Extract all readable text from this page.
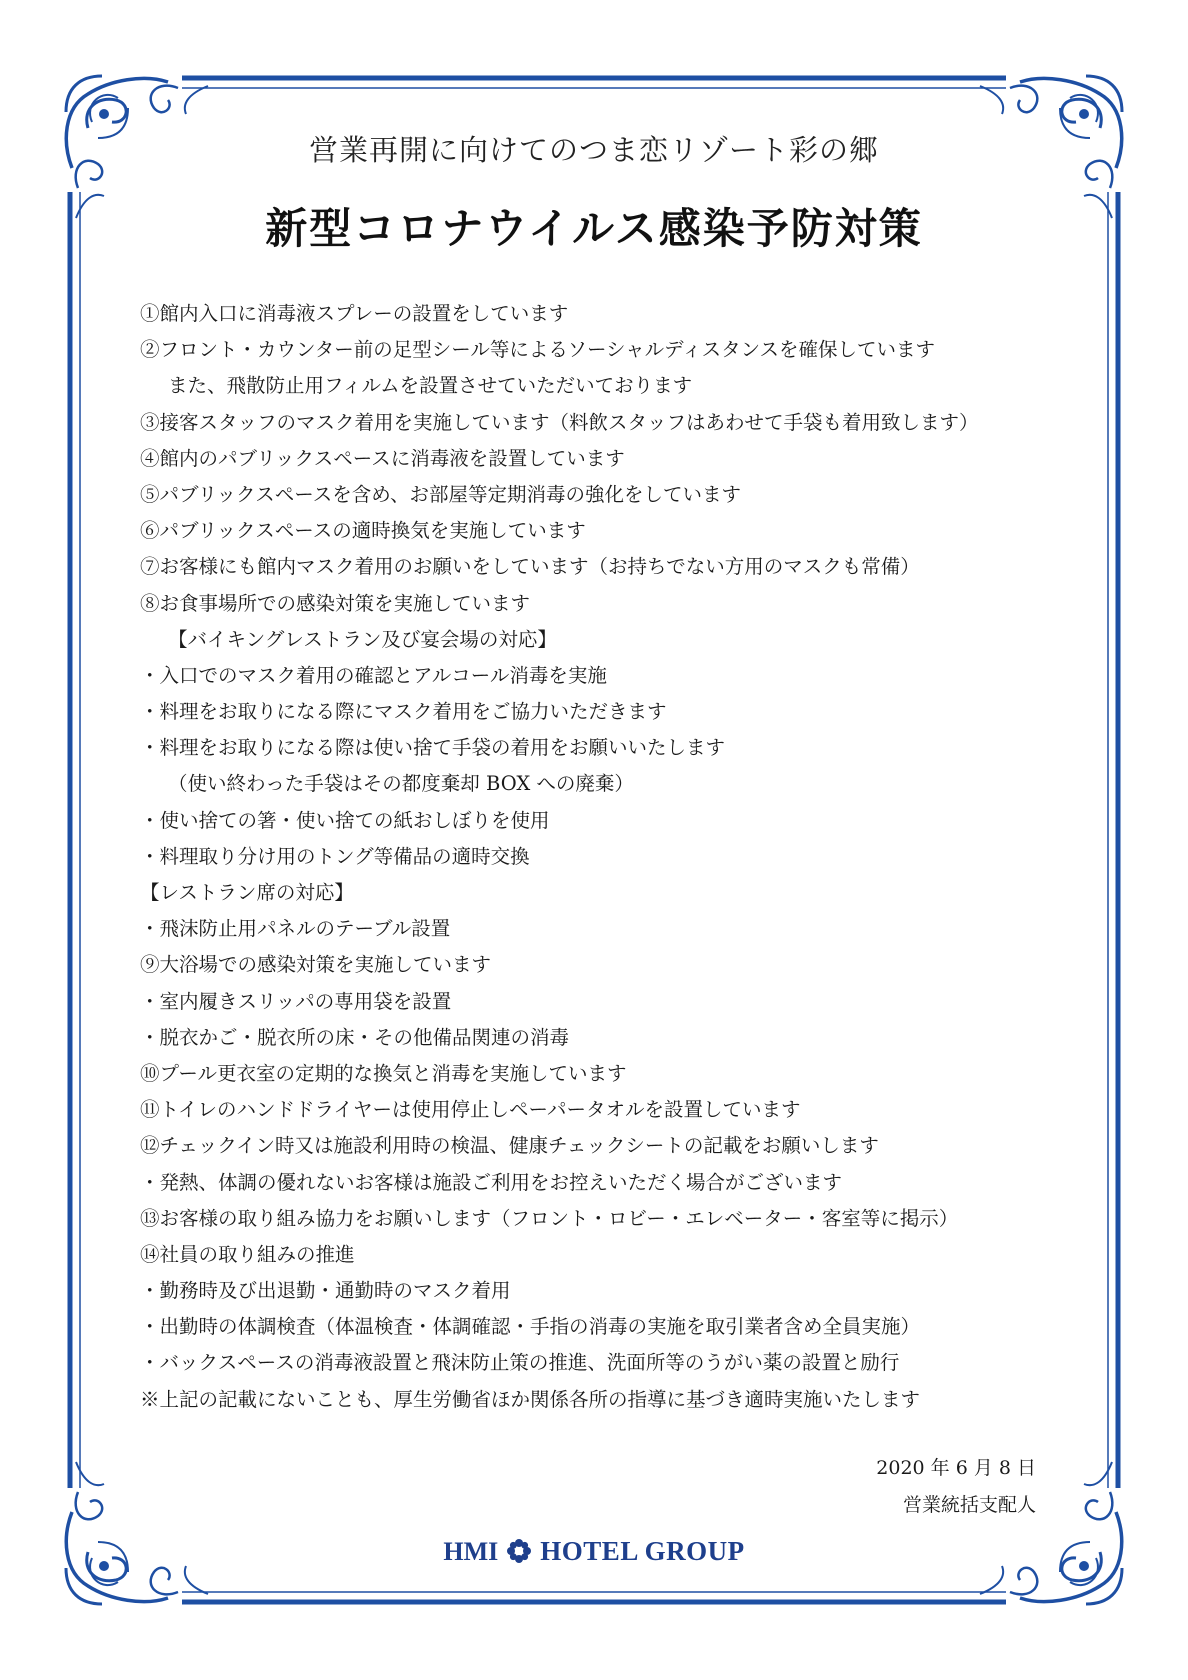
営業再開に向けてのつま恋リゾート彩の郷
新型コロナウイルス感染予防対策
①館内入口に消毒液スプレーの設置をしています
②フロント・カウンター前の足型シール等によるソーシャルディスタンスを確保しています
また、飛散防止用フィルムを設置させていただいております
③接客スタッフのマスク着用を実施しています（料飲スタッフはあわせて手袋も着用致します）
④館内のパブリックスペースに消毒液を設置しています
⑤パブリックスペースを含め、お部屋等定期消毒の強化をしています
⑥パブリックスペースの適時換気を実施しています
⑦お客様にも館内マスク着用のお願いをしています（お持ちでない方用のマスクも常備）
⑧お食事場所での感染対策を実施しています
【バイキングレストラン及び宴会場の対応】
・入口でのマスク着用の確認とアルコール消毒を実施
・料理をお取りになる際にマスク着用をご協力いただきます
・料理をお取りになる際は使い捨て手袋の着用をお願いいたします
（使い終わった手袋はその都度棄却 BOX への廃棄）
・使い捨ての箸・使い捨ての紙おしぼりを使用
・料理取り分け用のトング等備品の適時交換
【レストラン席の対応】
・飛沫防止用パネルのテーブル設置
⑨大浴場での感染対策を実施しています
・室内履きスリッパの専用袋を設置
・脱衣かご・脱衣所の床・その他備品関連の消毒
⑩プール更衣室の定期的な換気と消毒を実施しています
⑪トイレのハンドドライヤーは使用停止しペーパータオルを設置しています
⑫チェックイン時又は施設利用時の検温、健康チェックシートの記載をお願いします
・発熱、体調の優れないお客様は施設ご利用をお控えいただく場合がございます
⑬お客様の取り組み協力をお願いします（フロント・ロビー・エレベーター・客室等に掲示）
⑭社員の取り組みの推進
・勤務時及び出退勤・通勤時のマスク着用
・出勤時の体調検査（体温検査・体調確認・手指の消毒の実施を取引業者含め全員実施）
・バックスペースの消毒液設置と飛沫防止策の推進、洗面所等のうがい薬の設置と励行
※上記の記載にないことも、厚生労働省ほか関係各所の指導に基づき適時実施いたします
2020 年 6 月 8 日
営業統括支配人
HMI HOTEL GROUP
